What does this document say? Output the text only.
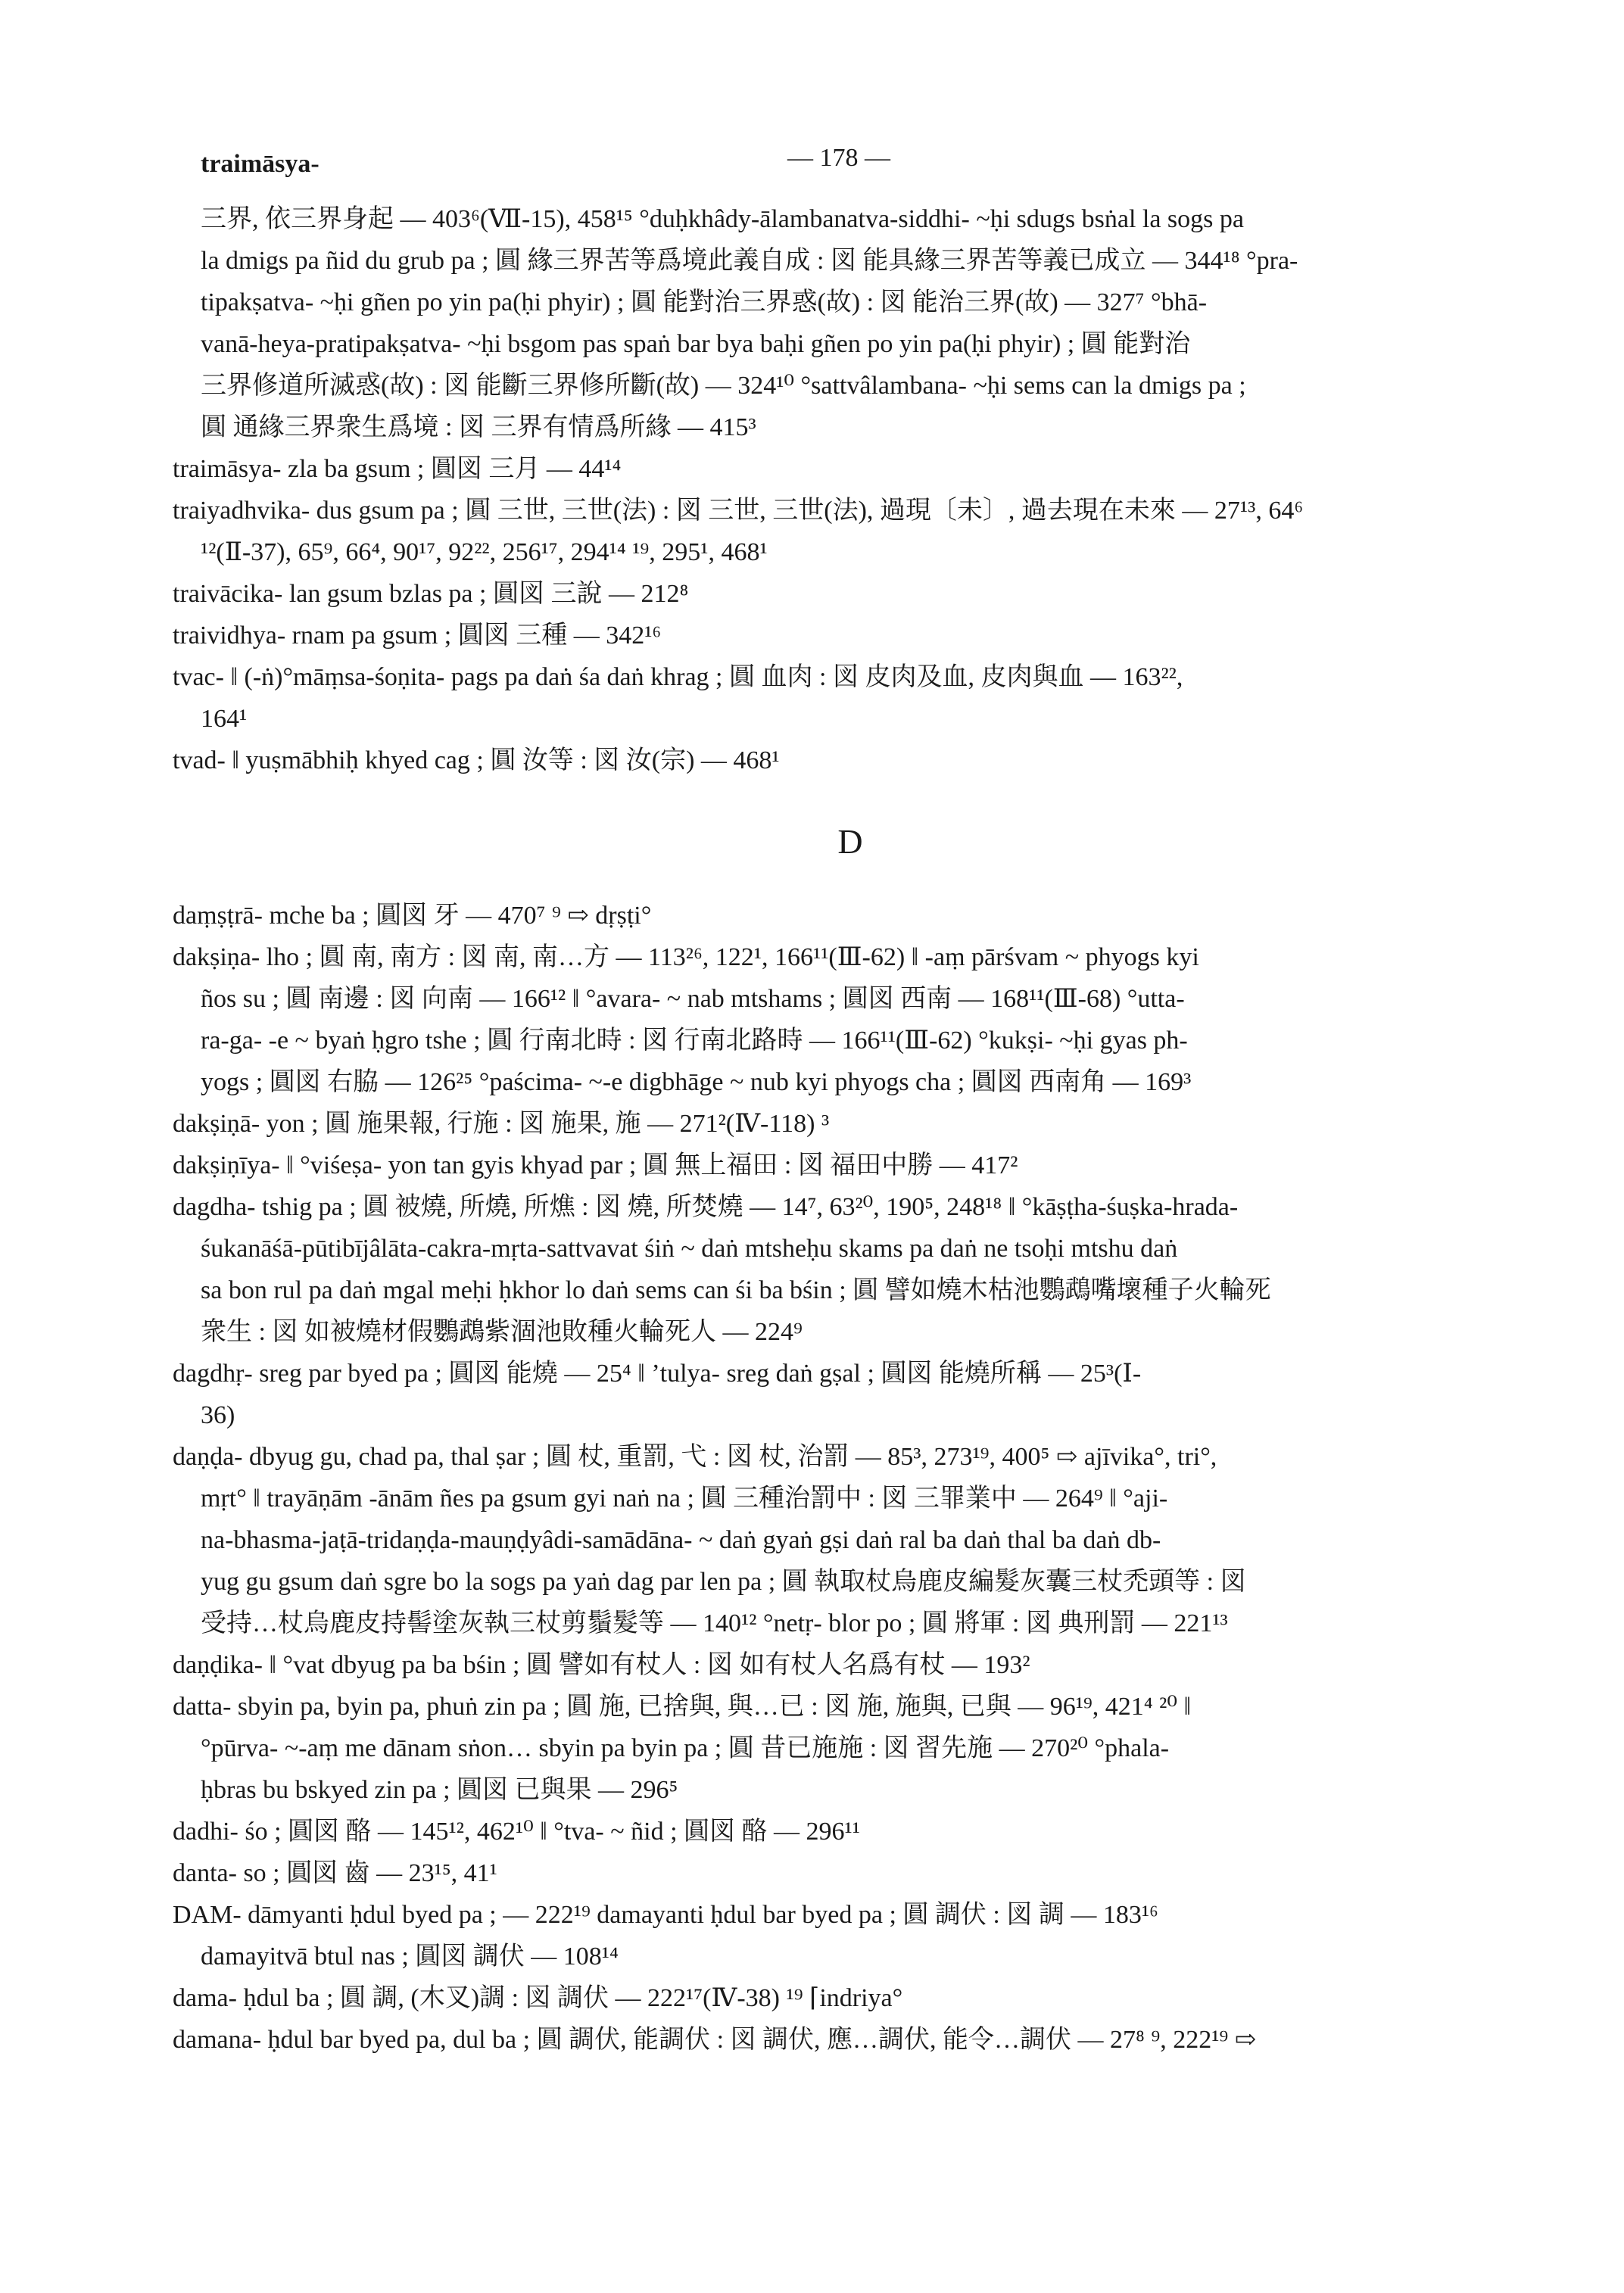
traimāsya-	— 178 —
三界, 依三界身起 — 403⁶(Ⅶ-15), 458¹⁵ °duḥkhâdy-ālambanatva-siddhi- ~ḥi sdugs bsṅal la sogs pa
la dmigs pa ñid du grub pa ; 圓 緣三界苦等爲境此義自成 : 図 能具緣三界苦等義已成立 — 344¹⁸ °pra-
tipakṣatva- ~ḥi gñen po yin pa(ḥi phyir) ; 圓 能對治三界惑(故) : 図 能治三界(故) — 327⁷ °bhā-
vanā-heya-pratipakṣatva- ~ḥi bsgom pas spaṅ bar bya baḥi gñen po yin pa(ḥi phyir) ; 圓 能對治
三界修道所滅惑(故) : 図 能斷三界修所斷(故) — 324¹⁰ °sattvâlambana- ~ḥi sems can la dmigs pa ;
圓 通緣三界衆生爲境 : 図 三界有情爲所緣 — 415³
traimāsya- zla ba gsum ; 圓図 三月 — 44¹⁴
traiyadhvika- dus gsum pa ; 圓 三世, 三世(法) : 図 三世, 三世(法), 過現〔未〕, 過去現在未來 — 27¹³, 64⁶
¹²(Ⅱ-37), 65⁹, 66⁴, 90¹⁷, 92²², 256¹⁷, 294¹⁴ ¹⁹, 295¹, 468¹
traivācika- lan gsum bzlas pa ; 圓図 三說 — 212⁸
traividhya- rnam pa gsum ; 圓図 三種 — 342¹⁶
tvac- ‖ (-ṅ)°māṃsa-śoṇita- pags pa daṅ śa daṅ khrag ; 圓 血肉 : 図 皮肉及血, 皮肉與血 — 163²²,
164¹
tvad- ‖ yuṣmābhiḥ khyed cag ; 圓 汝等 : 図 汝(宗) — 468¹
D
daṃṣṭrā- mche ba ; 圓図 牙 — 470⁷ ⁹ ⇨ dṛṣṭi°
dakṣiṇa- lho ; 圓 南, 南方 : 図 南, 南…方 — 113²⁶, 122¹, 166¹¹(Ⅲ-62) ‖ -aṃ pārśvam ~ phyogs kyi
ños su ; 圓 南邊 : 図 向南 — 166¹² ‖ °avara- ~ nab mtshams ; 圓図 西南 — 168¹¹(Ⅲ-68) °utta-
ra-ga- -e ~ byaṅ ḥgro tshe ; 圓 行南北時 : 図 行南北路時 — 166¹¹(Ⅲ-62) °kukṣi- ~ḥi gyas ph-
yogs ; 圓図 右脇 — 126²⁵ °paścima- ~-e digbhāge ~ nub kyi phyogs cha ; 圓図 西南角 — 169³
dakṣiṇā- yon ; 圓 施果報, 行施 : 図 施果, 施 — 271²(Ⅳ-118) ³
dakṣiṇīya- ‖ °viśeṣa- yon tan gyis khyad par ; 圓 無上福田 : 図 福田中勝 — 417²
dagdha- tshig pa ; 圓 被燒, 所燒, 所燋 : 図 燒, 所焚燒 — 14⁷, 63²⁰, 190⁵, 248¹⁸ ‖ °kāṣṭha-śuṣka-hrada-
śukanāśā-pūtibījâlāta-cakra-mṛta-sattvavat śiṅ ~ daṅ mtsheḥu skams pa daṅ ne tsoḥi mtshu daṅ
sa bon rul pa daṅ mgal meḥi ḥkhor lo daṅ sems can śi ba bśin ; 圓 譬如燒木枯池鸚鵡嘴壞種子火輪死
衆生 : 図 如被燒材假鸚鵡紫涸池敗種火輪死人 — 224⁹
dagdhṛ- sreg par byed pa ; 圓図 能燒 — 25⁴ ‖ ’tulya- sreg daṅ gṣal ; 圓図 能燒所稱 — 25³(Ⅰ-
36)
daṇḍa- dbyug gu, chad pa, thal ṣar ; 圓 杖, 重罰, 弋 : 図 杖, 治罰 — 85³, 273¹⁹, 400⁵ ⇨ ajīvika°, tri°,
mṛt° ‖ trayāṇām -ānām ñes pa gsum gyi naṅ na ; 圓 三種治罰中 : 図 三罪業中 — 264⁹ ‖ °aji-
na-bhasma-jaṭā-tridaṇḍa-mauṇḍyâdi-samādāna- ~ daṅ gyaṅ gṣi daṅ ral ba daṅ thal ba daṅ db-
yug gu gsum daṅ sgre bo la sogs pa yaṅ dag par len pa ; 圓 執取杖烏鹿皮編髮灰囊三杖禿頭等 : 図
受持…杖烏鹿皮持髻塗灰執三杖剪鬚髮等 — 140¹² °netṛ- blor po ; 圓 將軍 : 図 典刑罰 — 221¹³
daṇḍika- ‖ °vat dbyug pa ba bśin ; 圓 譬如有杖人 : 図 如有杖人名爲有杖 — 193²
datta- sbyin pa, byin pa, phuṅ zin pa ; 圓 施, 已捨與, 與…已 : 図 施, 施與, 已與 — 96¹⁹, 421⁴ ²⁰ ‖
°pūrva- ~-aṃ me dānam sṅon… sbyin pa byin pa ; 圓 昔已施施 : 図 習先施 — 270²⁰ °phala-
ḥbras bu bskyed zin pa ; 圓図 已與果 — 296⁵
dadhi- śo ; 圓図 酪 — 145¹², 462¹⁰ ‖ °tva- ~ ñid ; 圓図 酪 — 296¹¹
danta- so ; 圓図 齒 — 23¹⁵, 41¹
DAM- dāmyanti ḥdul byed pa ; — 222¹⁹ damayanti ḥdul bar byed pa ; 圓 調伏 : 図 調 — 183¹⁶
damayitvā btul nas ; 圓図 調伏 — 108¹⁴
dama- ḥdul ba ; 圓 調, (木叉)調 : 図 調伏 — 222¹⁷(Ⅳ-38) ¹⁹ ⌈indriya°
damana- ḥdul bar byed pa, dul ba ; 圓 調伏, 能調伏 : 図 調伏, 應…調伏, 能令…調伏 — 27⁸ ⁹, 222¹⁹ ⇨
